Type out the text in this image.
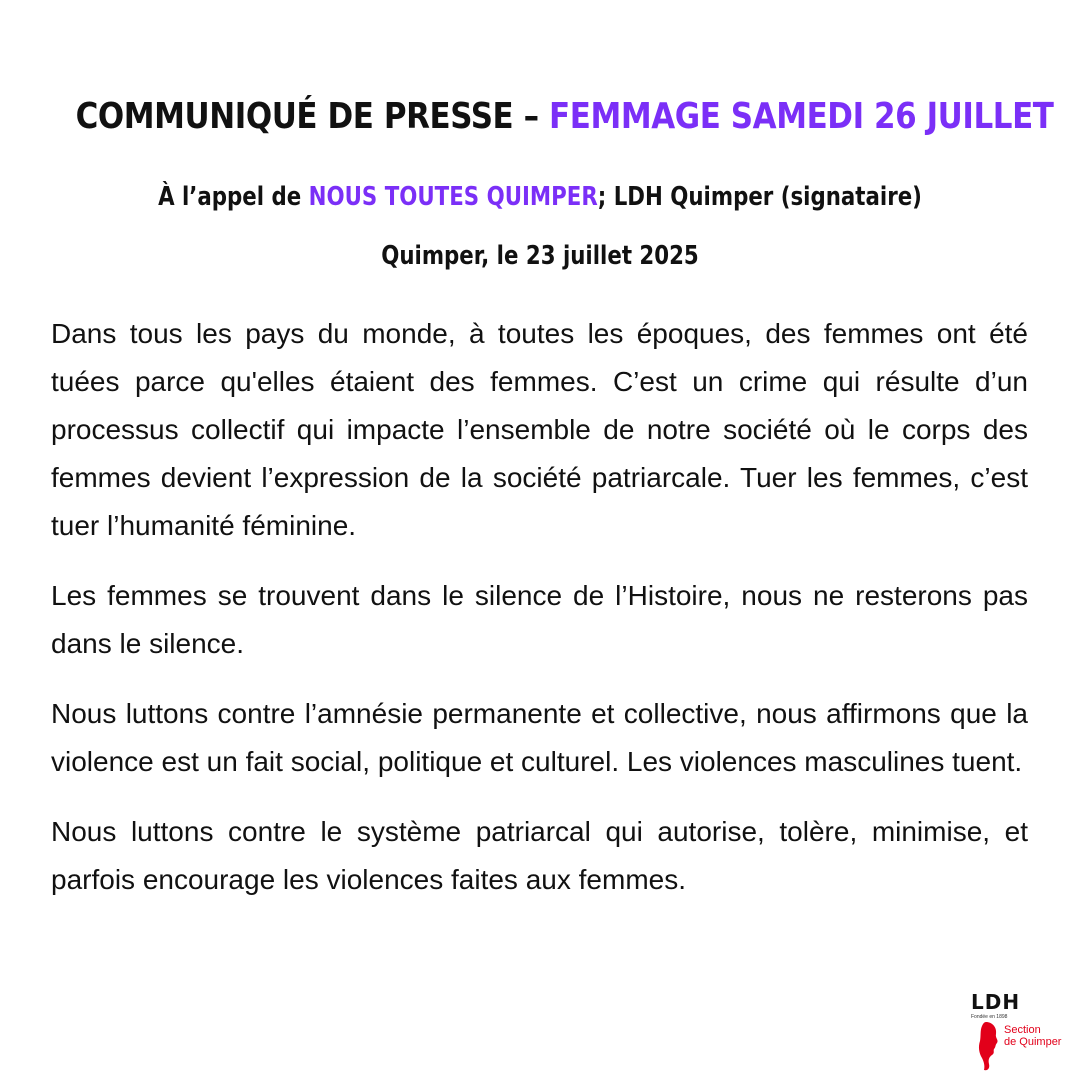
COMMUNIQUÉ DE PRESSE – FEMMAGE SAMEDI 26 JUILLET
À l’appel de NOUS TOUTES QUIMPER; LDH Quimper (signataire)
Quimper, le 23 juillet 2025

Dans tous les pays du monde, à toutes les époques, des femmes ont été tuées parce qu'elles étaient des femmes. C’est un crime qui résulte d’un processus collectif qui impacte l’ensemble de notre société où le corps des femmes devient l’expression de la société patriarcale. Tuer les femmes, c’est tuer l’humanité féminine.

Les femmes se trouvent dans le silence de l’Histoire, nous ne resterons pas dans le silence.

Nous luttons contre l’amnésie permanente et collective, nous affirmons que la violence est un fait social, politique et culturel. Les violences masculines tuent.

Nous luttons contre le système patriarcal qui autorise, tolère, minimise, et parfois encourage les violences faites aux femmes.

LDH
Fondée en 1898
Section
de Quimper
